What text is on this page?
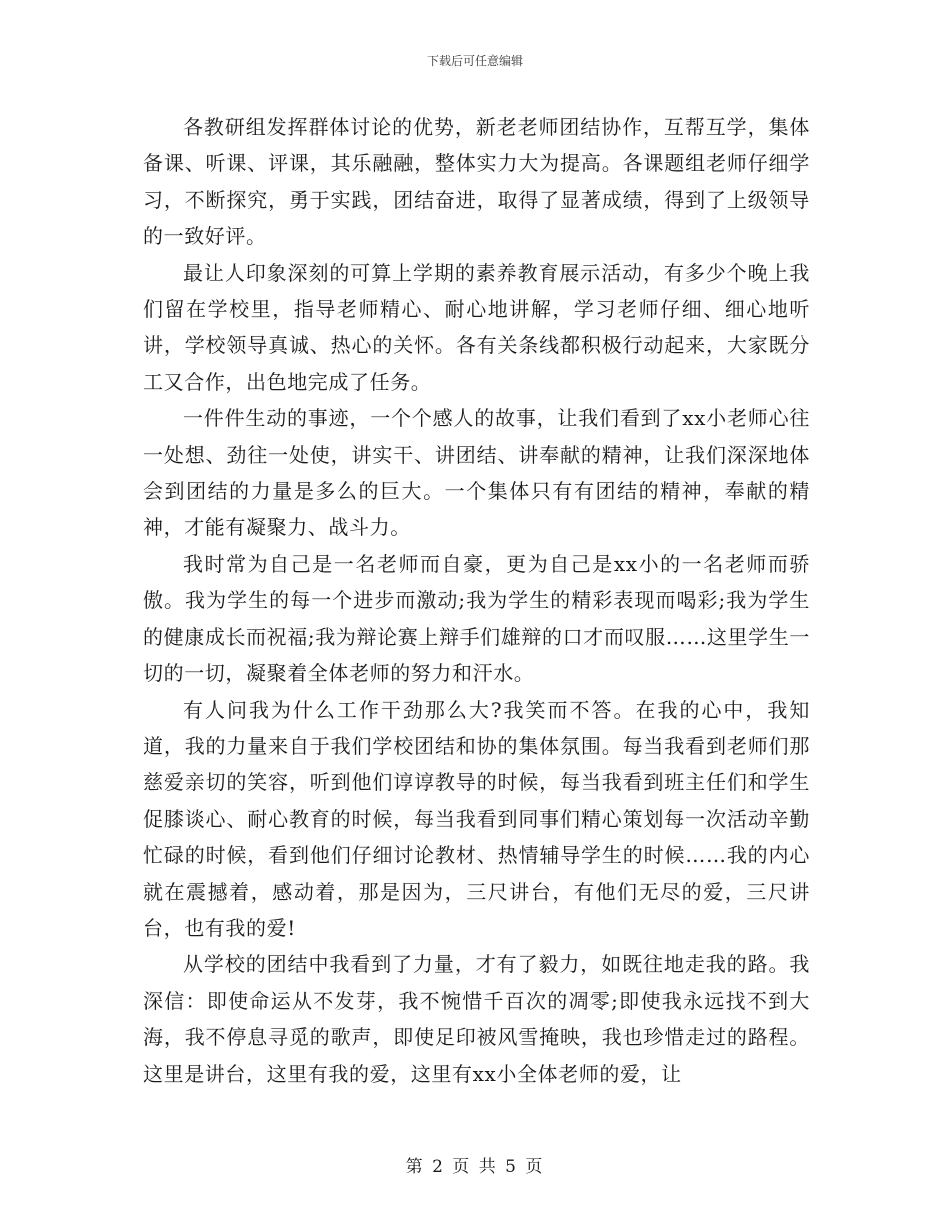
下载后可任意编辑

各教研组发挥群体讨论的优势，新老老师团结协作，互帮互学，集体备课、听课、评课，其乐融融，整体实力大为提高。各课题组老师仔细学习，不断探究，勇于实践，团结奋进，取得了显著成绩，得到了上级领导的一致好评。

最让人印象深刻的可算上学期的素养教育展示活动，有多少个晚上我们留在学校里，指导老师精心、耐心地讲解，学习老师仔细、细心地听讲，学校领导真诚、热心的关怀。各有关条线都积极行动起来，大家既分工又合作，出色地完成了任务。

一件件生动的事迹，一个个感人的故事，让我们看到了xx小老师心往一处想、劲往一处使，讲实干、讲团结、讲奉献的精神，让我们深深地体会到团结的力量是多么的巨大。一个集体只有有团结的精神，奉献的精神，才能有凝聚力、战斗力。

我时常为自己是一名老师而自豪，更为自己是xx小的一名老师而骄傲。我为学生的每一个进步而激动;我为学生的精彩表现而喝彩;我为学生的健康成长而祝福;我为辩论赛上辩手们雄辩的口才而叹服……这里学生一切的一切，凝聚着全体老师的努力和汗水。

有人问我为什么工作干劲那么大?我笑而不答。在我的心中，我知道，我的力量来自于我们学校团结和协的集体氛围。每当我看到老师们那慈爱亲切的笑容，听到他们谆谆教导的时候，每当我看到班主任们和学生促膝谈心、耐心教育的时候，每当我看到同事们精心策划每一次活动辛勤忙碌的时候，看到他们仔细讨论教材、热情辅导学生的时候……我的内心就在震撼着，感动着，那是因为，三尺讲台，有他们无尽的爱，三尺讲台，也有我的爱!

从学校的团结中我看到了力量，才有了毅力，如既往地走我的路。我深信：即使命运从不发芽，我不惋惜千百次的凋零;即使我永远找不到大海，我不停息寻觅的歌声，即使足印被风雪掩映，我也珍惜走过的路程。这里是讲台，这里有我的爱，这里有xx小全体老师的爱，让

第 2 页 共 5 页
